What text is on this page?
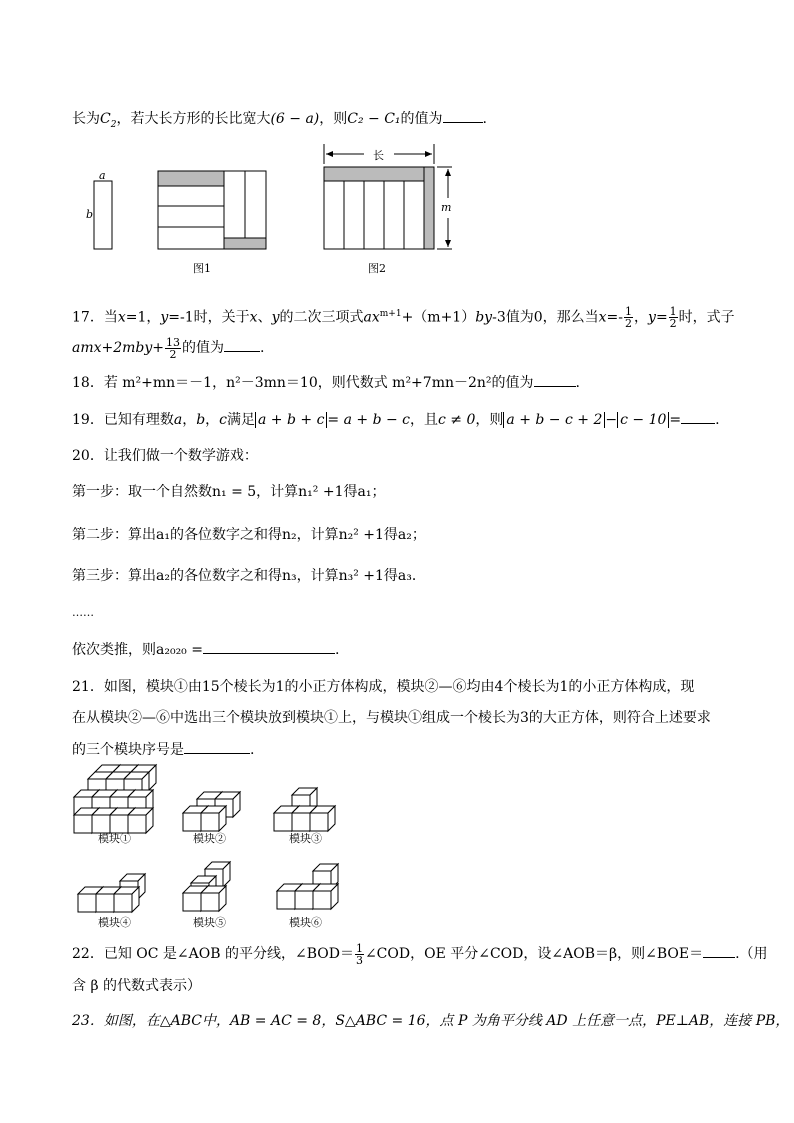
长为$C_2$，若大长方形的长比宽大(6 − a)，则C₂ − C₁的值为	.
a
b
图1	图2
长
m
17．当x=1，y=-1时，关于x、y的二次三项式$ax^{m+1}+(m+1)by-3$值为0，那么当$x=- \frac{1}{2}$ ，$y= \frac{1}{2}$ 时，式子
$amx+2mby+ \frac{13}{2}$ 的值为	.
18．若 m²+mn＝－1，n²－3mn＝10，则代数式 m²+7mn－2n²的值为	.
19．已知有理数a，b，c满足 a + b + c = a + b − c，且c ≠ 0，则 a + b − c + 2 − c − 10 = .
20．让我们做一个数学游戏：
第一步：取一个自然数n₁ = 5，计算n₁² +1得a₁；
第二步：算出a₁的各位数字之和得n₂，计算n₂² +1得a₂；
第三步：算出a₂的各位数字之和得n₃，计算n₃² +1得a₃．
……
依次类推，则a₂₀₂₀ =	.
21．如图，模块①由15个棱长为1的小正方体构成，模块②—⑥均由4个棱长为1的小正方体构成，现
在从模块②—⑥中选出三个模块放到模块①上，与模块①组成一个棱长为3的大正方体，则符合上述要求
的三个模块序号是	.
模块①	模块②	模块③
模块④	模块⑤	模块⑥
22．已知 OC 是∠AOB 的平分线，∠BOD＝ $\frac{1}{3}$ ∠COD，OE 平分∠COD，设∠AOB＝β，则∠BOE＝ .（用
含 β 的代数式表示）
23．如图，在△ABC中，AB = AC = 8，S△ABC = 16，点 P 为角平分线 AD 上任意一点，PE⊥AB，连接 PB，
